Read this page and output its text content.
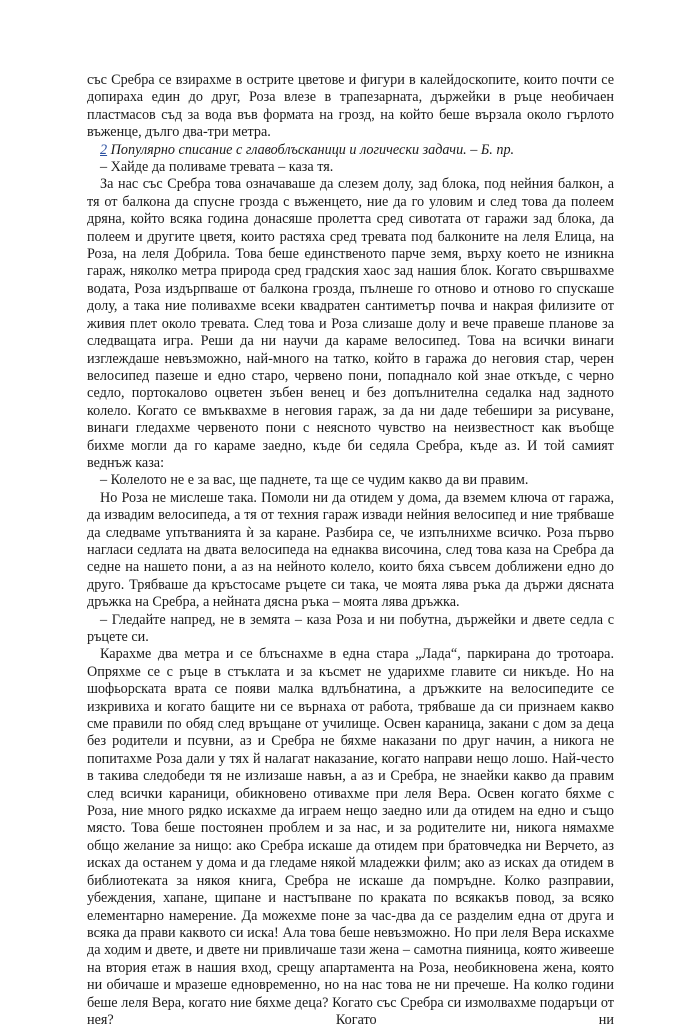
със Сребра се взирахме в острите цветове и фигури в калейдоскопите, които почти се допираха един до друг, Роза влезе в трапезарната, държейки в ръце необичаен пластмасов съд за вода във формата на грозд, на който беше вързала около гърлото въженце, дълго два-три метра.

2 Популярно списание с главоблъсканици и логически задачи. – Б. пр.

– Хайде да поливаме тревата – каза тя.

За нас със Сребра това означаваше да слезем долу, зад блока, под нейния балкон, а тя от балкона да спусне грозда с въженцето, ние да го уловим и след това да полеем дряна, който всяка година донасяше пролетта сред сивотата от гаражи зад блока, да полеем и другите цветя, които растяха сред тревата под балконите на леля Елица, на Роза, на леля Добрила. Това беше единственото парче земя, върху което не изникна гараж, няколко метра природа сред градския хаос зад нашия блок. Когато свършвахме водата, Роза издърпваше от балкона грозда, пълнеше го отново и отново го спускаше долу, а така ние поливахме всеки квадратен сантиметър почва и накрая филизите от живия плет около тревата. След това и Роза слизаше долу и вече правеше планове за следващата игра. Реши да ни научи да караме велосипед. Това на всички винаги изглеждаше невъзможно, най-много на татко, който в гаража до неговия стар, черен велосипед пазеше и едно старо, червено пони, попаднало кой знае откъде, с черно седло, портокалово оцветен зъбен венец и без допълнителна седалка над задното колело. Когато се вмъквахме в неговия гараж, за да ни даде тебешири за рисуване, винаги гледахме червеното пони с неясното чувство на неизвестност как въобще бихме могли да го караме заедно, къде би седяла Сребра, къде аз. И той самият веднъж каза:

– Колелото не е за вас, ще паднете, та ще се чудим какво да ви правим.

Но Роза не мислеше така. Помоли ни да отидем у дома, да вземем ключа от гаража, да извадим велосипеда, а тя от техния гараж извади нейния велосипед и ние трябваше да следваме упътванията ѝ за каране. Разбира се, че изпълнихме всичко. Роза първо нагласи седлата на двата велосипеда на еднаква височина, след това каза на Сребра да седне на нашето пони, а аз на нейното колело, които бяха съвсем доближени едно до друго. Трябваше да кръстосаме ръцете си така, че моята лява ръка да държи дясната дръжка на Сребра, а нейната дясна ръка – моята лява дръжка.

– Гледайте напред, не в земята – каза Роза и ни побутна, държейки и двете седла с ръцете си.

Карахме два метра и се блъснахме в една стара „Лада“, паркирана до тротоара. Опряхме се с ръце в стъклата и за късмет не ударихме главите си никъде. Но на шофьорската врата се появи малка вдлъбнатина, а дръжките на велосипедите се изкривиха и когато бащите ни се върнаха от работа, трябваше да си признаем какво сме правили по обяд след връщане от училище. Освен караница, закани с дом за деца без родители и псувни, аз и Сребра не бяхме наказани по друг начин, а никога не попитахме Роза дали у тях й налагат наказание, когато направи нещо лошо. Най-често в такива следобеди тя не излизаше навън, а аз и Сребра, не знаейки какво да правим след всички караници, обикновено отивахме при леля Вера. Освен когато бяхме с Роза, ние много рядко искахме да играем нещо заедно или да отидем на едно и също място. Това беше постоянен проблем и за нас, и за родителите ни, никога нямахме общо желание за нищо: ако Сребра искаше да отидем при братовчедка ни Верчето, аз исках да останем у дома и да гледаме някой младежки филм; ако аз исках да отидем в библиотеката за някоя книга, Сребра не искаше да помръдне. Колко разправии, убеждения, хапане, щипане и настъпване по краката по всякакъв повод, за всяко елементарно намерение. Да можехме поне за час-два да се разделим една от друга и всяка да прави каквото си иска! Ала това беше невъзможно. Но при леля Вера искахме да ходим и двете, и двете ни привличаше тази жена – самотна пияница, която живееше на втория етаж в нашия вход, срещу апартамента на Роза, необикновена жена, която ни обичаше и мразеше едновременно, но на нас това не ни пречеше. На колко години беше леля Вера, когато ние бяхме деца? Когато със Сребра си измолвахме подаръци от нея? Когато ни
